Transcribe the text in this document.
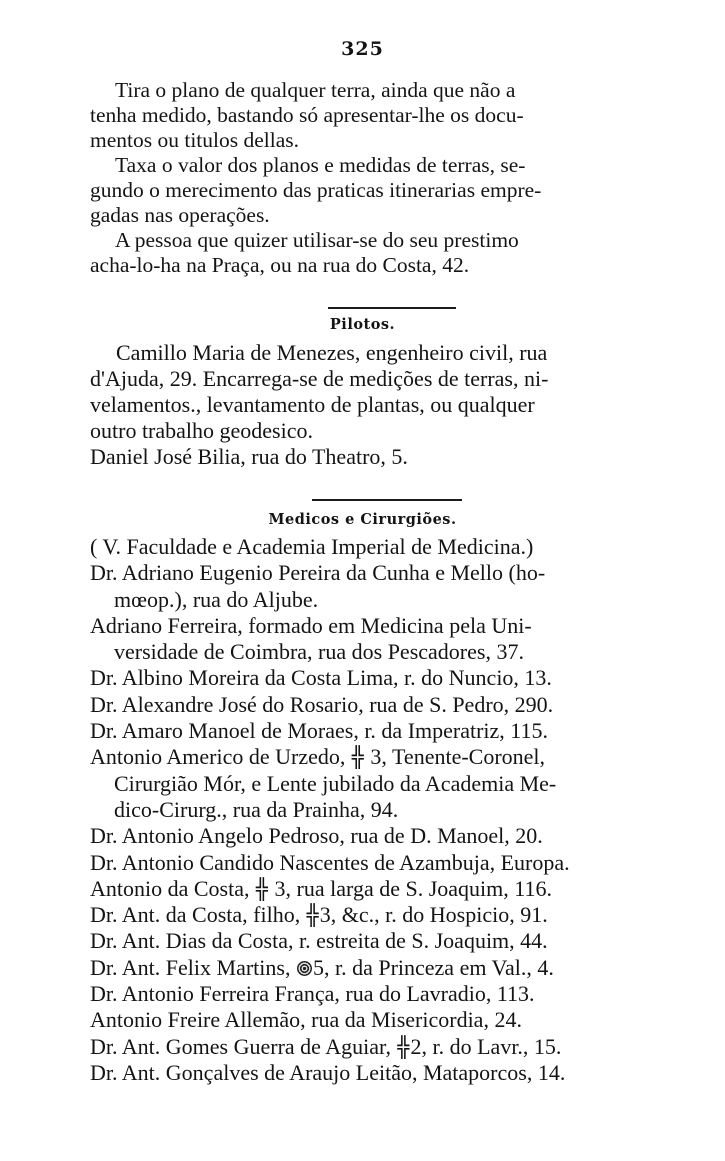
325
Tira o plano de qualquer terra, ainda que não a
tenha medido, bastando só apresentar-lhe os docu-
mentos ou titulos dellas.
Taxa o valor dos planos e medidas de terras, se-
gundo o merecimento das praticas itinerarias empre-
gadas nas operações.
A pessoa que quizer utilisar-se do seu prestimo
acha-lo-ha na Praça, ou na rua do Costa, 42.
Pilotos.
Camillo Maria de Menezes, engenheiro civil, rua
d'Ajuda, 29. Encarrega-se de medições de terras, ni-
velamentos., levantamento de plantas, ou qualquer
outro trabalho geodesico.
Daniel José Bilia, rua do Theatro, 5.
Medicos e Cirurgiões.
( V. Faculdade e Academia Imperial de Medicina.)
Dr. Adriano Eugenio Pereira da Cunha e Mello (ho-
mœop.), rua do Aljube.
Adriano Ferreira, formado em Medicina pela Uni-
versidade de Coimbra, rua dos Pescadores, 37.
Dr. Albino Moreira da Costa Lima, r. do Nuncio, 13.
Dr. Alexandre José do Rosario, rua de S. Pedro, 290.
Dr. Amaro Manoel de Moraes, r. da Imperatriz, 115.
Antonio Americo de Urzedo, ╬ 3, Tenente-Coronel,
Cirurgião Mór, e Lente jubilado da Academia Me-
dico-Cirurg., rua da Prainha, 94.
Dr. Antonio Angelo Pedroso, rua de D. Manoel, 20.
Dr. Antonio Candido Nascentes de Azambuja, Europa.
Antonio da Costa, ╬ 3, rua larga de S. Joaquim, 116.
Dr. Ant. da Costa, filho, ╬3, &c., r. do Hospicio, 91.
Dr. Ant. Dias da Costa, r. estreita de S. Joaquim, 44.
Dr. Ant. Felix Martins, 5, r. da Princeza em Val., 4.
Dr. Antonio Ferreira França, rua do Lavradio, 113.
Antonio Freire Allemão, rua da Misericordia, 24.
Dr. Ant. Gomes Guerra de Aguiar, ╬2, r. do Lavr., 15.
Dr. Ant. Gonçalves de Araujo Leitão, Mataporcos, 14.
